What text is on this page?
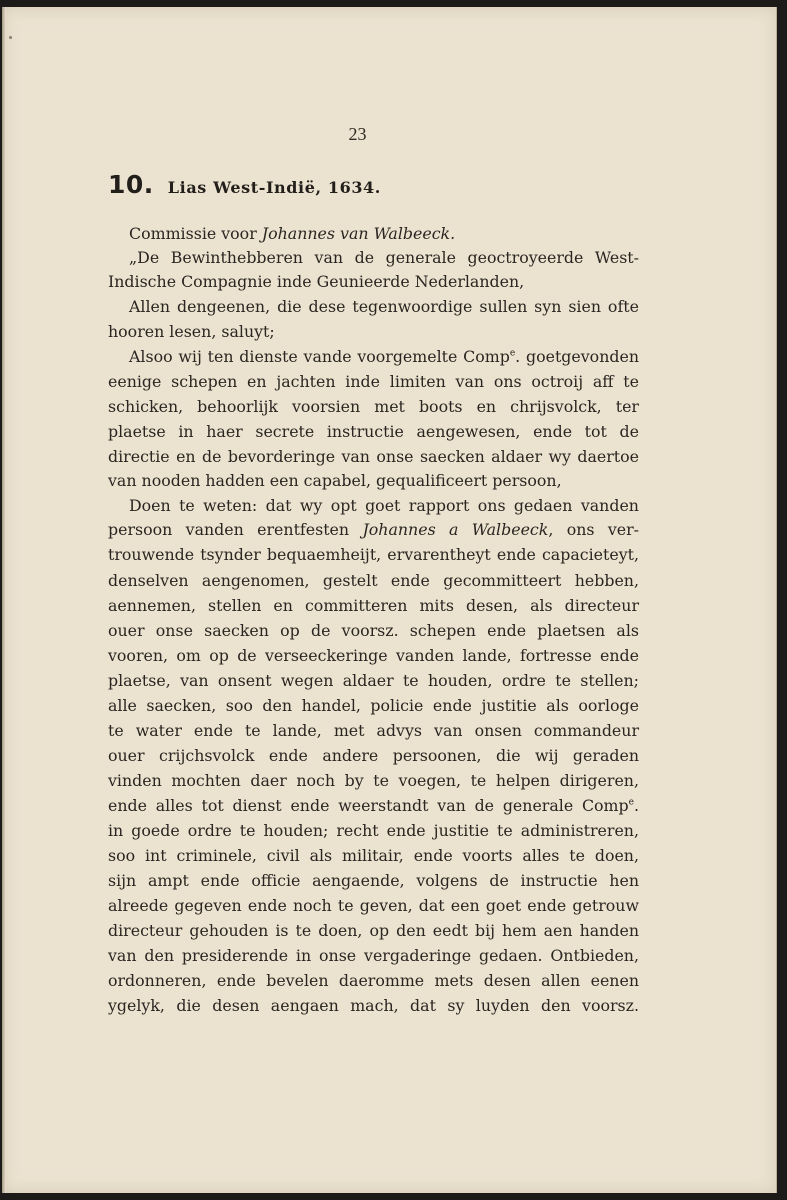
23
10. Lias West-Indië, 1634.
Commissie voor Johannes van Walbeeck.
„De Bewinthebberen van de generale geoctroyeerde West-
Indische Compagnie inde Geunieerde Nederlanden,
Allen dengeenen, die dese tegenwoordige sullen syn sien ofte
hooren lesen, saluyt;
Alsoo wij ten dienste vande voorgemelte Comp$^e$. goetgevonden
eenige schepen en jachten inde limiten van ons octroij aff te
schicken, behoorlijk voorsien met boots en chrijsvolck, ter
plaetse in haer secrete instructie aengewesen, ende tot de
directie en de bevorderinge van onse saecken aldaer wy daertoe
van nooden hadden een capabel, gequalificeert persoon,
Doen te weten: dat wy opt goet rapport ons gedaen vanden
persoon vanden erentfesten Johannes a Walbeeck, ons ver-
trouwende tsynder bequaemheijt, ervarentheyt ende capacieteyt,
denselven aengenomen, gestelt ende gecommitteert hebben,
aennemen, stellen en committeren mits desen, als directeur
ouer onse saecken op de voorsz. schepen ende plaetsen als
vooren, om op de verseeckeringe vanden lande, fortresse ende
plaetse, van onsent wegen aldaer te houden, ordre te stellen;
alle saecken, soo den handel, policie ende justitie als oorloge
te water ende te lande, met advys van onsen commandeur
ouer crijchsvolck ende andere persoonen, die wij geraden
vinden mochten daer noch by te voegen, te helpen dirigeren,
ende alles tot dienst ende weerstandt van de generale Comp$^e$.
in goede ordre te houden; recht ende justitie te administreren,
soo int criminele, civil als militair, ende voorts alles te doen,
sijn ampt ende officie aengaende, volgens de instructie hen
alreede gegeven ende noch te geven, dat een goet ende getrouw
directeur gehouden is te doen, op den eedt bij hem aen handen
van den presiderende in onse vergaderinge gedaen. Ontbieden,
ordonneren, ende bevelen daeromme mets desen allen eenen
ygelyk, die desen aengaen mach, dat sy luyden den voorsz.
